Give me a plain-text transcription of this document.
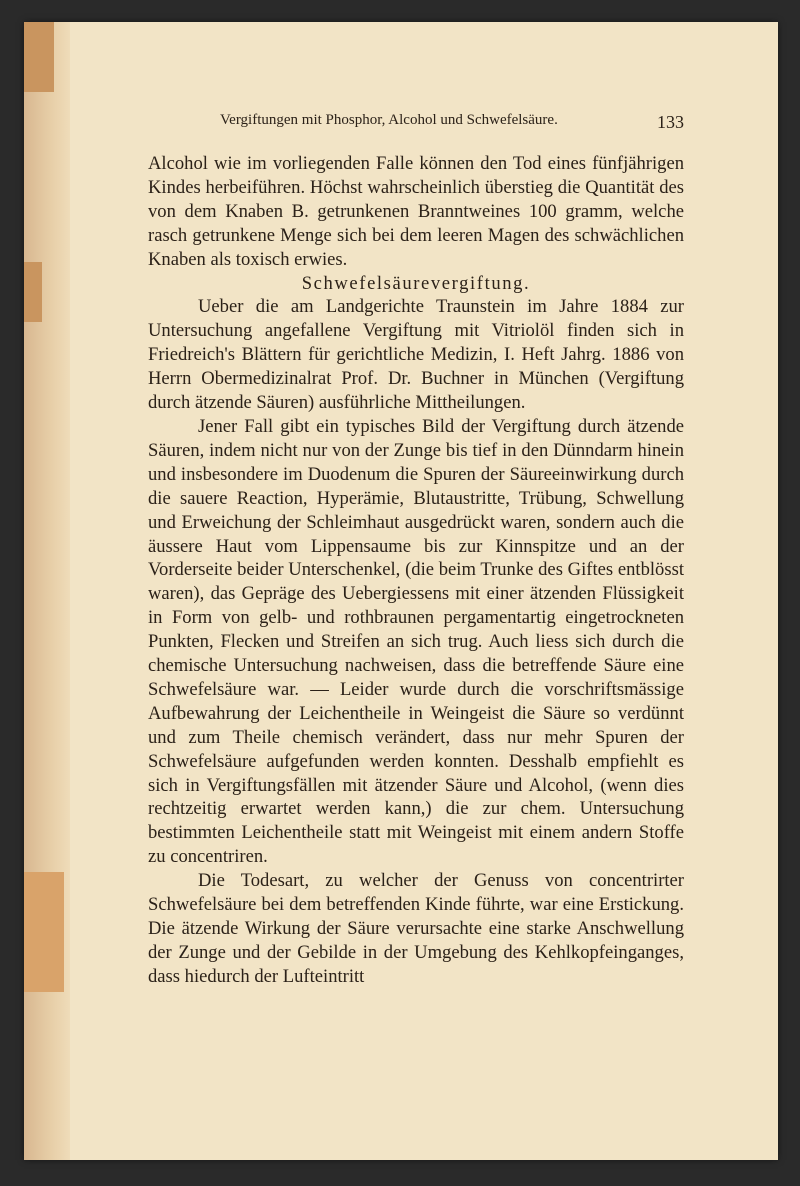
Vergiftungen mit Phosphor, Alcohol und Schwefelsäure.	133

Alcohol wie im vorliegenden Falle können den Tod eines fünfjährigen Kindes herbeiführen. Höchst wahrscheinlich überstieg die Quantität des von dem Knaben B. getrunkenen Branntweines 100 gramm, welche rasch getrunkene Menge sich bei dem leeren Magen des schwächlichen Knaben als toxisch erwies.

Schwefelsäurevergiftung.

Ueber die am Landgerichte Traunstein im Jahre 1884 zur Untersuchung angefallene Vergiftung mit Vitriolöl finden sich in Friedreich's Blättern für gerichtliche Medizin, I. Heft Jahrg. 1886 von Herrn Obermedizinalrat Prof. Dr. Buchner in München (Vergiftung durch ätzende Säuren) ausführliche Mittheilungen.

Jener Fall gibt ein typisches Bild der Vergiftung durch ätzende Säuren, indem nicht nur von der Zunge bis tief in den Dünndarm hinein und insbesondere im Duodenum die Spuren der Säureeinwirkung durch die sauere Reaction, Hyperämie, Blutaustritte, Trübung, Schwellung und Erweichung der Schleimhaut ausgedrückt waren, sondern auch die äussere Haut vom Lippensaume bis zur Kinnspitze und an der Vorderseite beider Unterschenkel, (die beim Trunke des Giftes entblösst waren), das Gepräge des Uebergiessens mit einer ätzenden Flüssigkeit in Form von gelb- und rothbraunen pergamentartig eingetrockneten Punkten, Flecken und Streifen an sich trug. Auch liess sich durch die chemische Untersuchung nachweisen, dass die betreffende Säure eine Schwefelsäure war. — Leider wurde durch die vorschriftsmässige Aufbewahrung der Leichentheile in Weingeist die Säure so verdünnt und zum Theile chemisch verändert, dass nur mehr Spuren der Schwefelsäure aufgefunden werden konnten. Desshalb empfiehlt es sich in Vergiftungsfällen mit ätzender Säure und Alcohol, (wenn dies rechtzeitig erwartet werden kann,) die zur chem. Untersuchung bestimmten Leichentheile statt mit Weingeist mit einem andern Stoffe zu concentriren.

Die Todesart, zu welcher der Genuss von concentrirter Schwefelsäure bei dem betreffenden Kinde führte, war eine Erstickung. Die ätzende Wirkung der Säure verursachte eine starke Anschwellung der Zunge und der Gebilde in der Umgebung des Kehlkopfeinganges, dass hiedurch der Lufteintritt
